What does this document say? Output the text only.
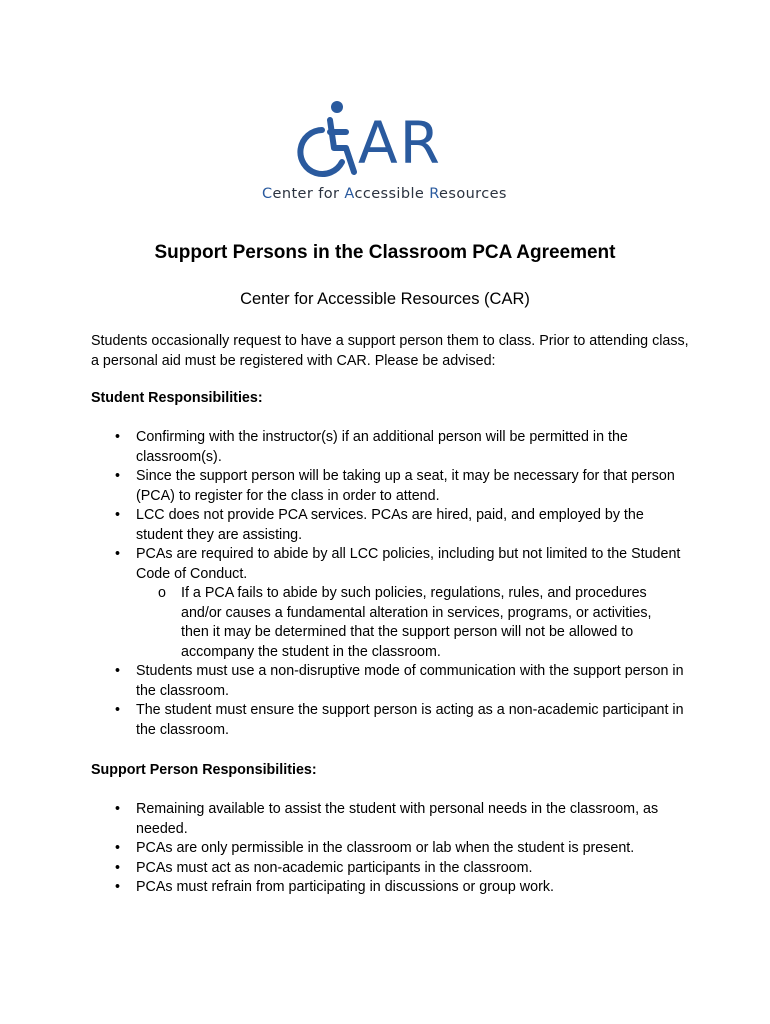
AR
Center for Accessible Resources
Support Persons in the Classroom PCA Agreement
Center for Accessible Resources (CAR)

Students occasionally request to have a support person them to class. Prior to attending class, a personal aid must be registered with CAR. Please be advised:

Student Responsibilities:
• Confirming with the instructor(s) if an additional person will be permitted in the classroom(s).
• Since the support person will be taking up a seat, it may be necessary for that person (PCA) to register for the class in order to attend.
• LCC does not provide PCA services. PCAs are hired, paid, and employed by the student they are assisting.
• PCAs are required to abide by all LCC policies, including but not limited to the Student Code of Conduct.
o If a PCA fails to abide by such policies, regulations, rules, and procedures and/or causes a fundamental alteration in services, programs, or activities, then it may be determined that the support person will not be allowed to accompany the student in the classroom.
• Students must use a non-disruptive mode of communication with the support person in the classroom.
• The student must ensure the support person is acting as a non-academic participant in the classroom.
Support Person Responsibilities:
• Remaining available to assist the student with personal needs in the classroom, as needed.
• PCAs are only permissible in the classroom or lab when the student is present.
• PCAs must act as non-academic participants in the classroom.
• PCAs must refrain from participating in discussions or group work.
